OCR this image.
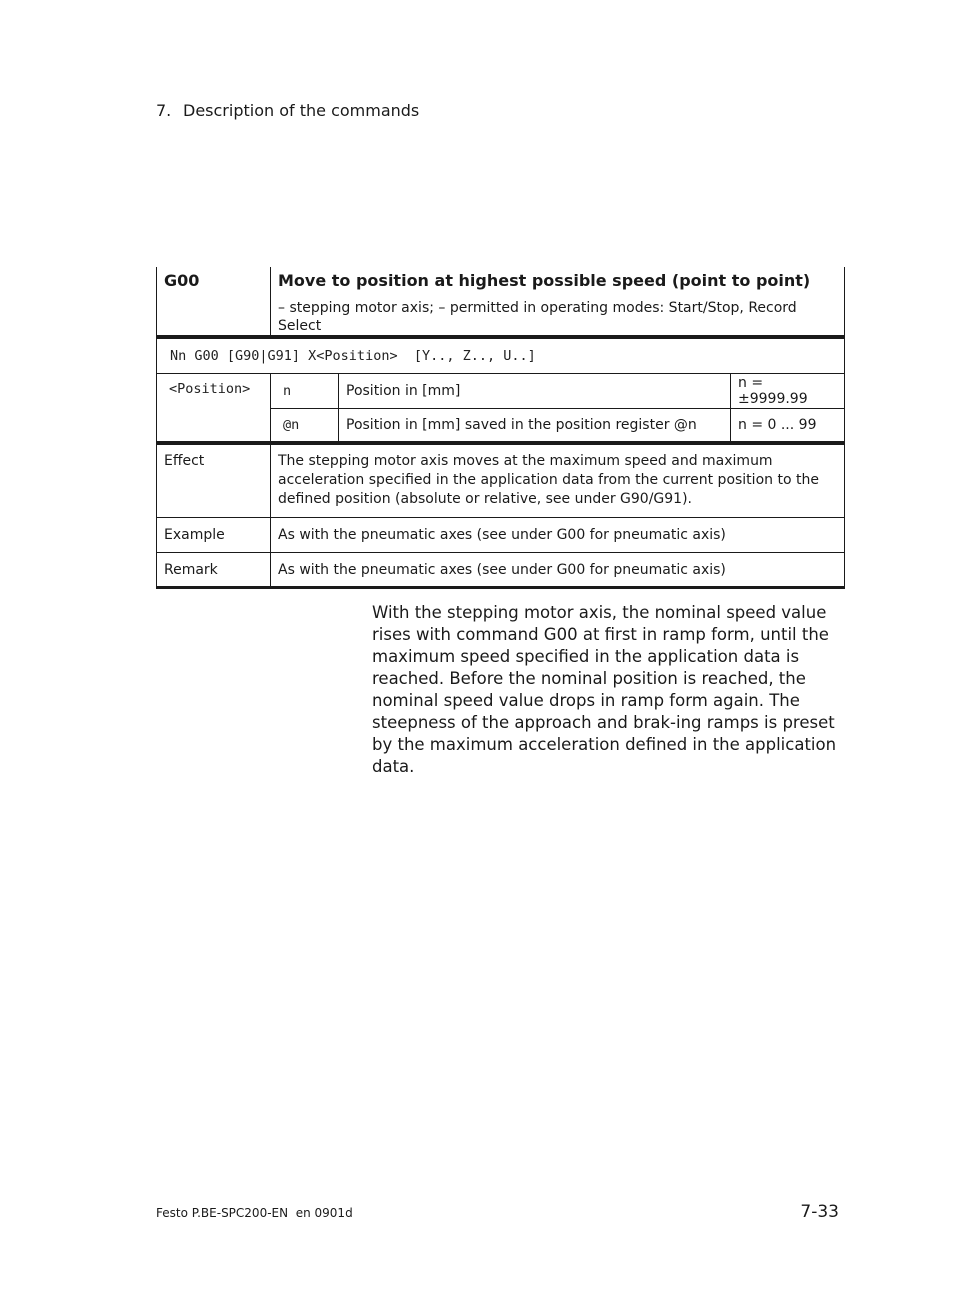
7. Description of the commands
G00	Move to position at highest possible speed (point to point)
– stepping motor axis; – permitted in operating modes: Start/Stop, Record Select		

Nn G00 [G90|G91] X<Position>  [Y.., Z.., U..]			
<Position>	n	Position in [mm]	n = ±9999.99
	@n	Position in [mm] saved in the position register @n	n = 0 ... 99
Effect	The stepping motor axis moves at the maximum speed and maximum acceleration specified in the application data from the current position to the defined position (absolute or relative, see under G90/G91).		

Example	As with the pneumatic axes (see under G00 for pneumatic axis)		
Remark	As with the pneumatic axes (see under G00 for pneumatic axis)		

With the stepping motor axis, the nominal speed value rises with command G00 at first in ramp form, until the maximum speed specified in the application data is reached. Before the nominal position is reached, the nominal speed value drops in ramp form again. The steepness of the approach and brak-ing ramps is preset by the maximum acceleration defined in the application data.

Festo P.BE-SPC200-EN  en 0901d	7-33
